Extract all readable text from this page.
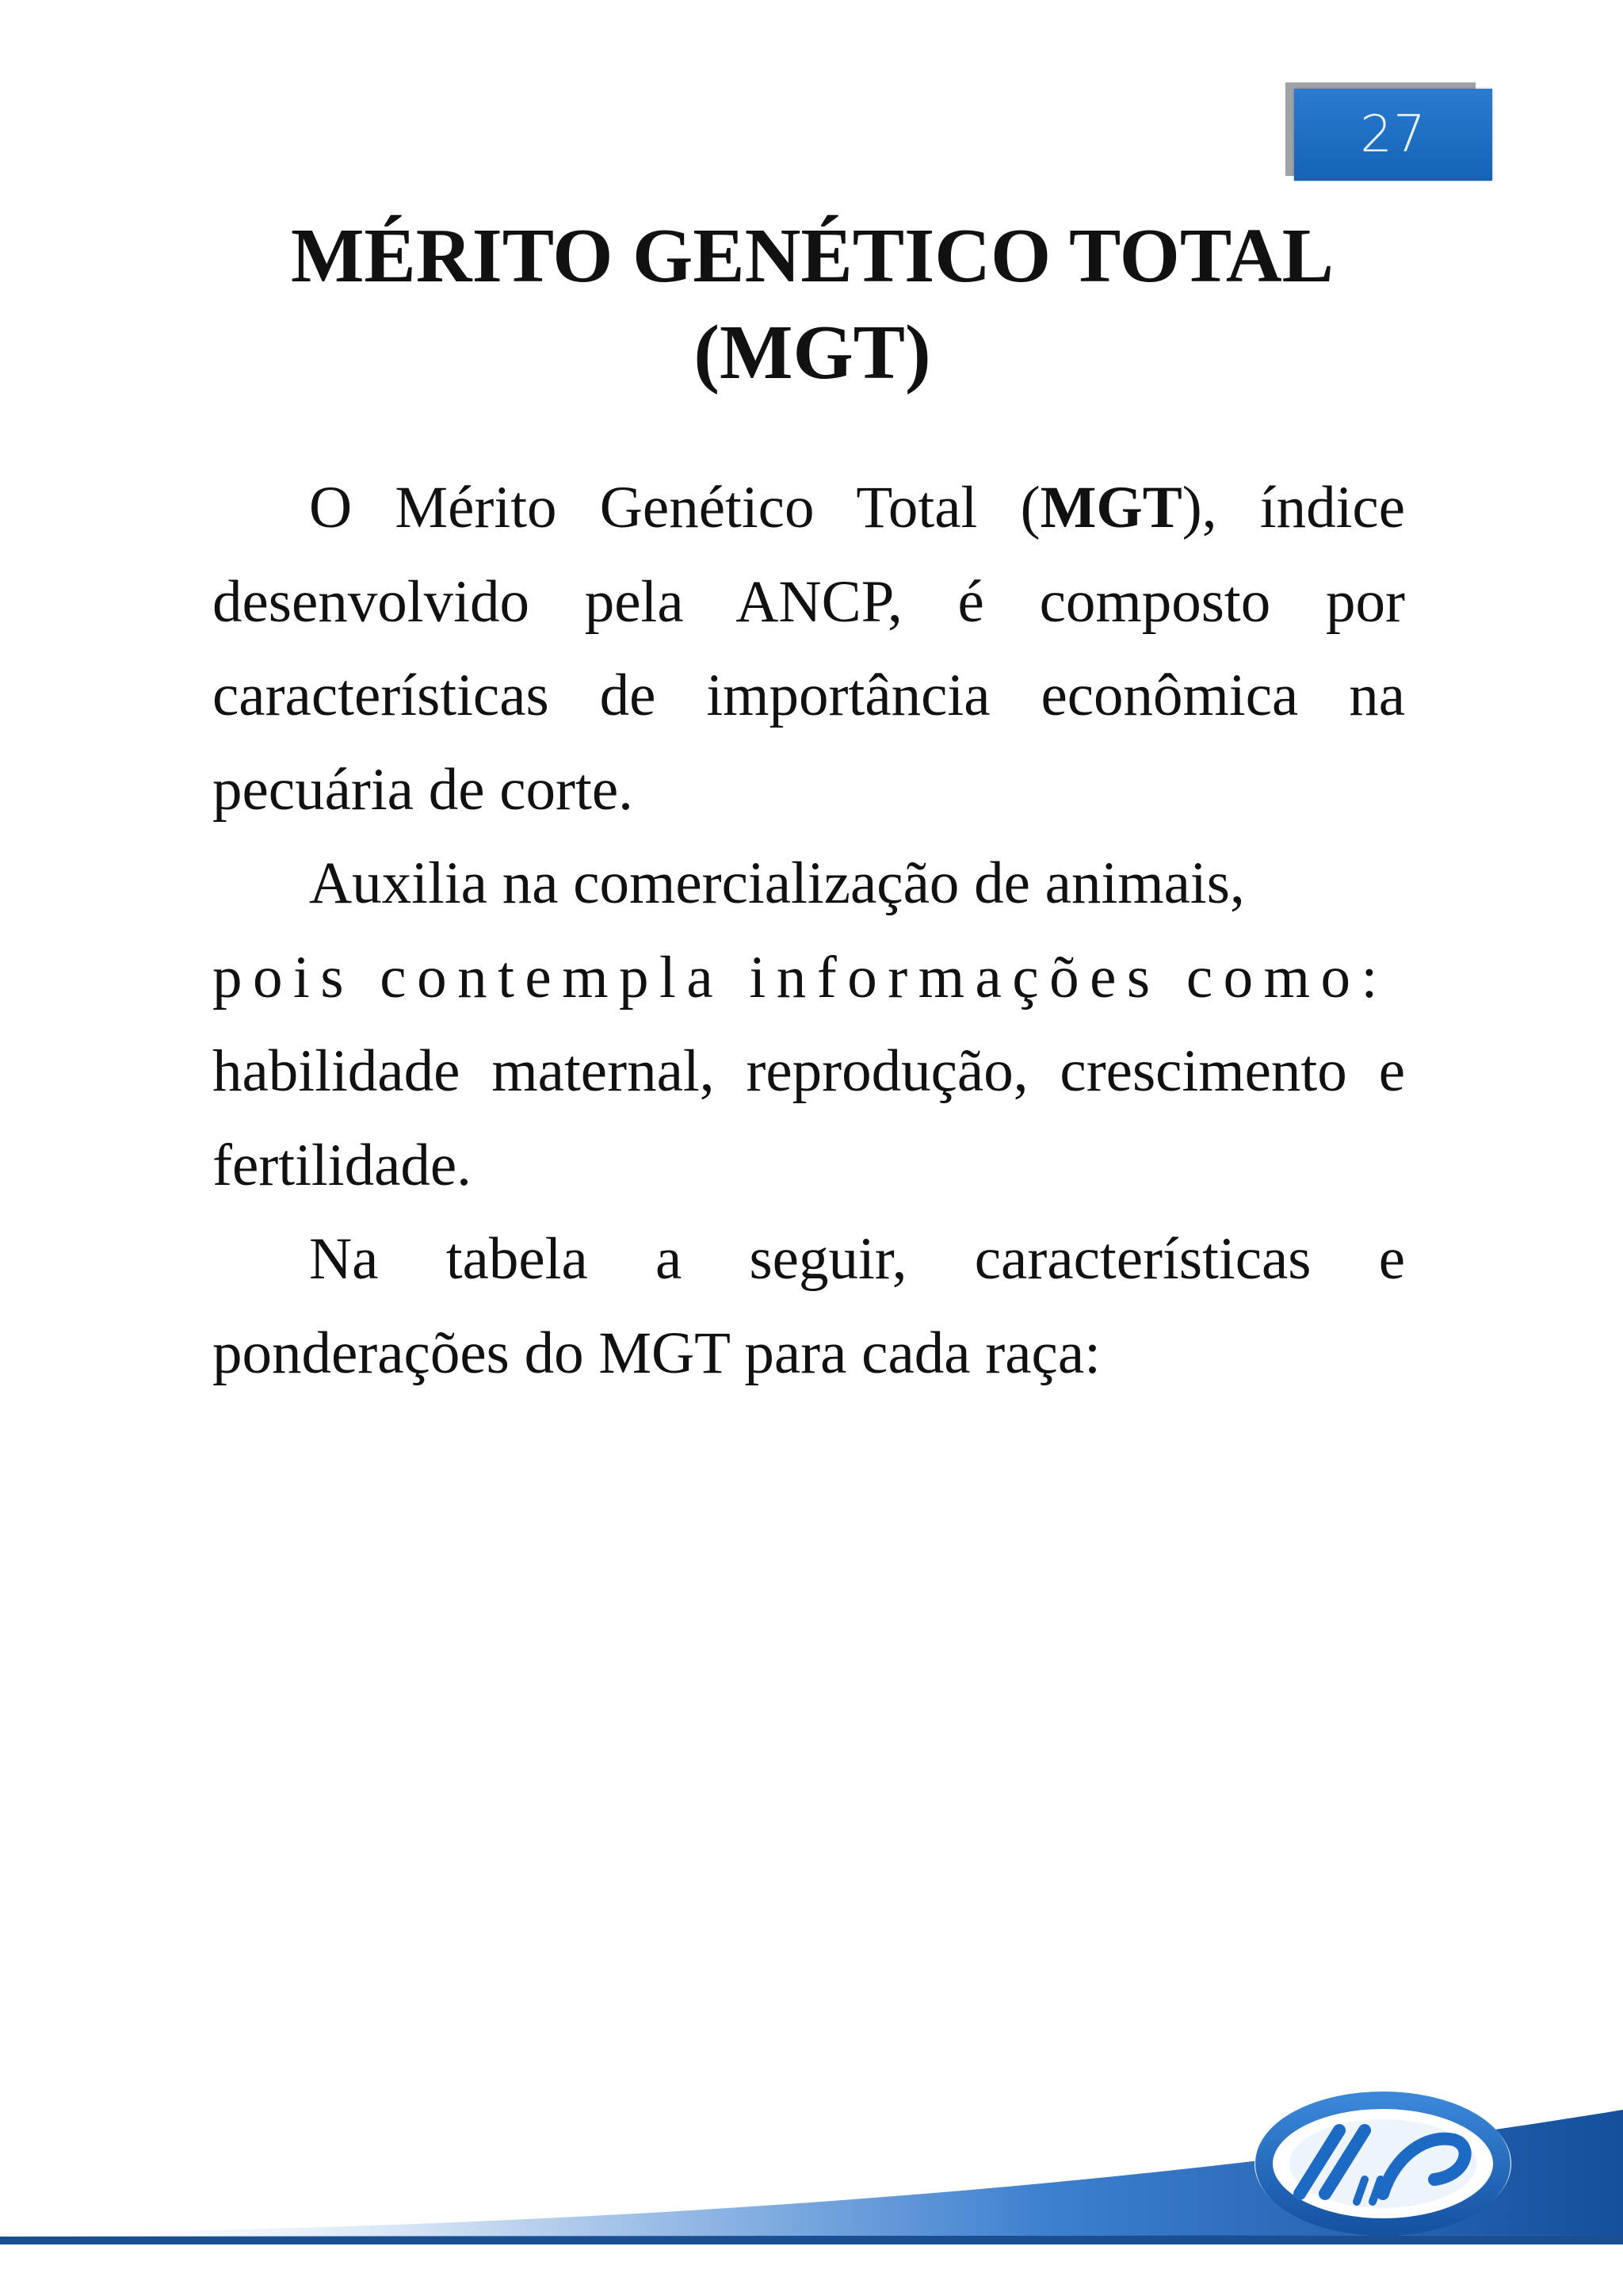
27
MÉRITO GENÉTICO TOTAL
(MGT)

O Mérito Genético Total (MGT), índice desenvolvido pela ANCP, é composto por características de importância econômica na pecuária de corte.

Auxilia na comercialização de animais,
pois contempla informações como:
habilidade maternal, reprodução, crescimento e fertilidade.

Na tabela a seguir, características e ponderações do MGT para cada raça:
